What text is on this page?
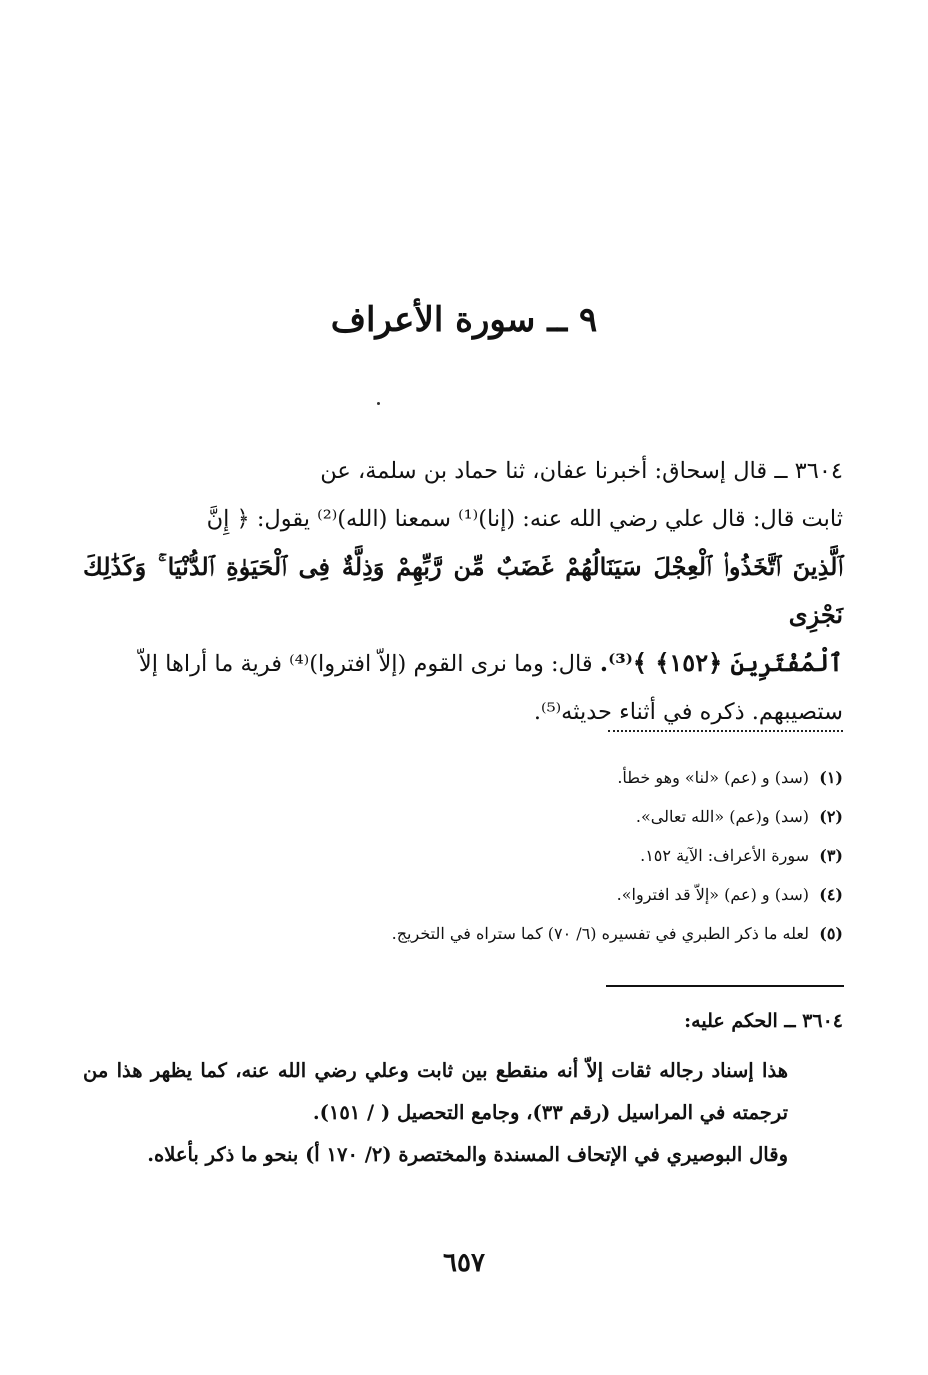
٩ ــ سورة الأعراف
٣٦٠٤ ــ قال إسحاق: أخبرنا عفان، ثنا حماد بن سلمة، عن
ثابت قال: قال علي رضي الله عنه: (إنا)⁽¹⁾ سمعنا (الله)⁽²⁾ يقول: ﴿ إِنَّ
ٱلَّذِينَ ٱتَّخَذُوا۟ ٱلْعِجْلَ سَيَنَالُهُمْ غَضَبٌ مِّن رَّبِّهِمْ وَذِلَّةٌ فِى ٱلْحَيَوٰةِ ٱلدُّنْيَا ۚ وَكَذَٰلِكَ نَجْزِى
ٱلْمُفْتَرِينَ ﴿١٥٢﴾ ﴾⁽³⁾. قال: وما نرى القوم (إلاّ افتروا)⁽⁴⁾ فرية ما أراها إلاّ
ستصيبهم. ذكره في أثناء حديثه⁽⁵⁾.
(١)(سد) و (عم) «لنا» وهو خطأ.
(٢)(سد) و(عم) «الله تعالى».
(٣)سورة الأعراف: الآية ١٥٢.
(٤)(سد) و (عم) «إلاّ قد افتروا».
(٥)لعله ما ذكر الطبري في تفسيره (٦/ ٧٠) كما ستراه في التخريج.
٣٦٠٤ ــ الحكم عليه:
هذا إسناد رجاله ثقات إلاّ أنه منقطع بين ثابت وعلي رضي الله عنه، كما يظهر هذا من ترجمته في المراسيل (رقم ٣٣)، وجامع التحصيل ( / ١٥١).
وقال البوصيري في الإتحاف المسندة والمختصرة (٢/ ١٧٠ أ) بنحو ما ذكر بأعلاه.
٦٥٧
